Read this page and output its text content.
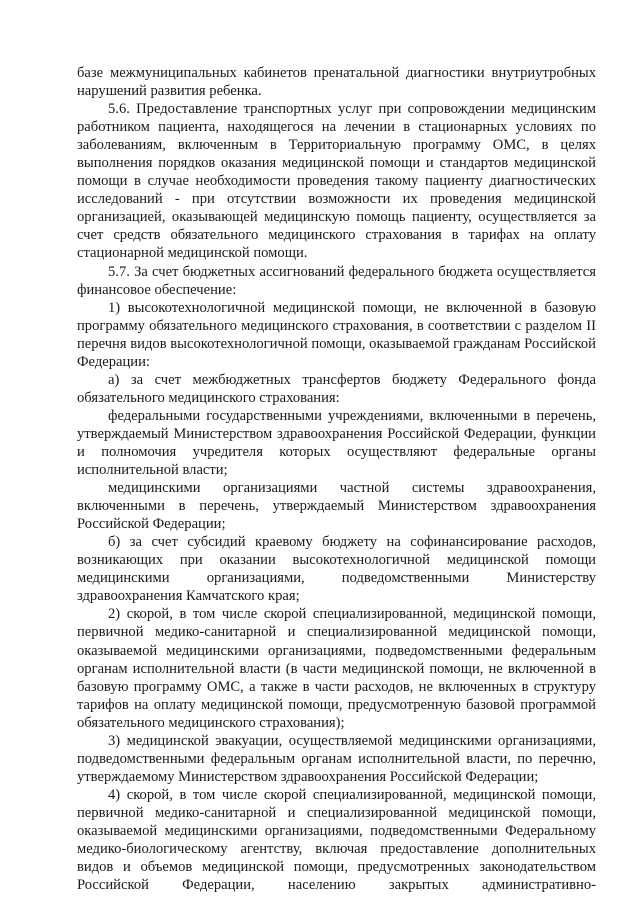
базе межмуниципальных кабинетов пренатальной диагностики внутриутробных нарушений развития ребенка.

5.6. Предоставление транспортных услуг при сопровождении медицинским работником пациента, находящегося на лечении в стационарных условиях по заболеваниям, включенным в Территориальную программу ОМС, в целях выполнения порядков оказания медицинской помощи и стандартов медицинской помощи в случае необходимости проведения такому пациенту диагностических исследований - при отсутствии возможности их проведения медицинской организацией, оказывающей медицинскую помощь пациенту, осуществляется за счет средств обязательного медицинского страхования в тарифах на оплату стационарной медицинской помощи.

5.7. За счет бюджетных ассигнований федерального бюджета осуществляется финансовое обеспечение:

1) высокотехнологичной медицинской помощи, не включенной в базовую программу обязательного медицинского страхования, в соответствии с разделом II перечня видов высокотехнологичной помощи, оказываемой гражданам Российской Федерации:

а) за счет межбюджетных трансфертов бюджету Федерального фонда обязательного медицинского страхования:

федеральными государственными учреждениями, включенными в перечень, утверждаемый Министерством здравоохранения Российской Федерации, функции и полномочия учредителя которых осуществляют федеральные органы исполнительной власти;

медицинскими организациями частной системы здравоохранения, включенными в перечень, утверждаемый Министерством здравоохранения Российской Федерации;

б) за счет субсидий краевому бюджету на софинансирование расходов, возникающих при оказании высокотехнологичной медицинской помощи медицинскими организациями, подведомственными Министерству здравоохранения Камчатского края;

2) скорой, в том числе скорой специализированной, медицинской помощи, первичной медико-санитарной и специализированной медицинской помощи, оказываемой медицинскими организациями, подведомственными федеральным органам исполнительной власти (в части медицинской помощи, не включенной в базовую программу ОМС, а также в части расходов, не включенных в структуру тарифов на оплату медицинской помощи, предусмотренную базовой программой обязательного медицинского страхования);

3) медицинской эвакуации, осуществляемой медицинскими организациями, подведомственными федеральным органам исполнительной власти, по перечню, утверждаемому Министерством здравоохранения Российской Федерации;

4) скорой, в том числе скорой специализированной, медицинской помощи, первичной медико-санитарной и специализированной медицинской помощи, оказываемой медицинскими организациями, подведомственными Федеральному медико-биологическому агентству, включая предоставление дополнительных видов и объемов медицинской помощи, предусмотренных законодательством Российской Федерации, населению закрытых административно-
